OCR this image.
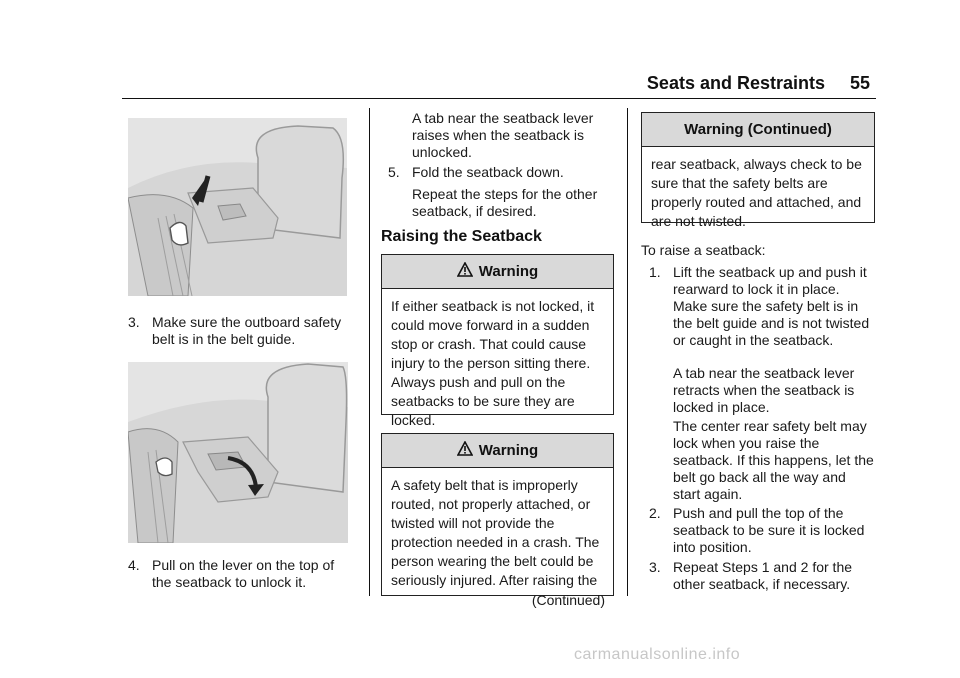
Seats and Restraints 55
3. Make sure the outboard safety belt is in the belt guide.
4. Pull on the lever on the top of the seatback to unlock it.
A tab near the seatback lever raises when the seatback is unlocked.
5. Fold the seatback down.
Repeat the steps for the other seatback, if desired.
Raising the Seatback
Warning
If either seatback is not locked, it could move forward in a sudden stop or crash. That could cause injury to the person sitting there. Always push and pull on the seatbacks to be sure they are locked.
Warning
A safety belt that is improperly routed, not properly attached, or twisted will not provide the protection needed in a crash. The person wearing the belt could be seriously injured. After raising the
(Continued)
Warning (Continued)
rear seatback, always check to be sure that the safety belts are properly routed and attached, and are not twisted.
To raise a seatback:
1. Lift the seatback up and push it rearward to lock it in place. Make sure the safety belt is in the belt guide and is not twisted or caught in the seatback.
A tab near the seatback lever retracts when the seatback is locked in place.
The center rear safety belt may lock when you raise the seatback. If this happens, let the belt go back all the way and start again.
2. Push and pull the top of the seatback to be sure it is locked into position.
3. Repeat Steps 1 and 2 for the other seatback, if necessary.
carmanualsonline.info
